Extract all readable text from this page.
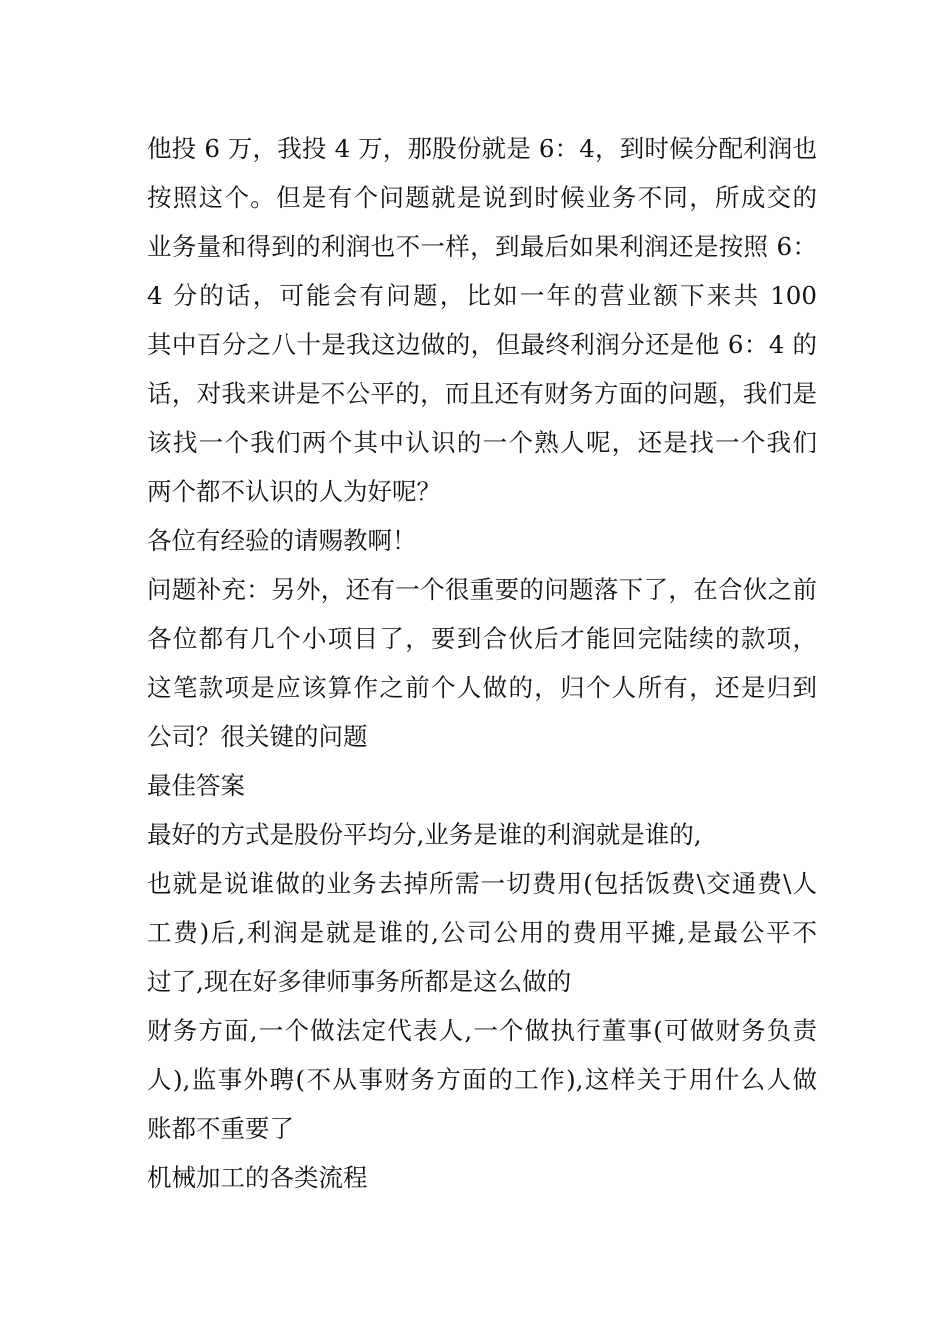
他投 6 万，我投 4 万，那股份就是 6：4，到时候分配利润也
按照这个。但是有个问题就是说到时候业务不同，所成交的
业务量和得到的利润也不一样，到最后如果利润还是按照 6：
4 分的话，可能会有问题，比如一年的营业额下来共 100
其中百分之八十是我这边做的，但最终利润分还是他 6：4 的
话，对我来讲是不公平的，而且还有财务方面的问题，我们是
该找一个我们两个其中认识的一个熟人呢，还是找一个我们
两个都不认识的人为好呢？
各位有经验的请赐教啊！
问题补充：另外，还有一个很重要的问题落下了，在合伙之前
各位都有几个小项目了，要到合伙后才能回完陆续的款项，
这笔款项是应该算作之前个人做的，归个人所有，还是归到
公司？很关键的问题
最佳答案
最好的方式是股份平均分,业务是谁的利润就是谁的,
也就是说谁做的业务去掉所需一切费用(包括饭费\交通费\人
工费)后,利润是就是谁的,公司公用的费用平摊,是最公平不
过了,现在好多律师事务所都是这么做的
财务方面,一个做法定代表人,一个做执行董事(可做财务负责
人),监事外聘(不从事财务方面的工作),这样关于用什么人做
账都不重要了
机械加工的各类流程
